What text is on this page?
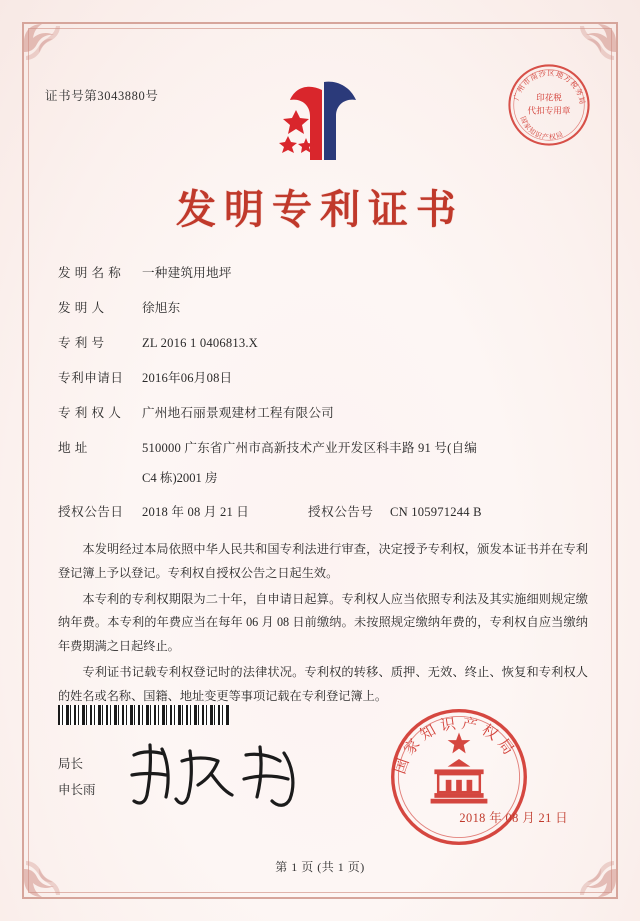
证书号第3043880号	广州市南沙区地方税务局
国家知识产权局
印花税
代扣专用章
发明专利证书
发 明 名 称	一种建筑用地坪
发 明 人	徐旭东
专 利 号	ZL 2016 1 0406813.X
专利申请日	2016年06月08日
专 利 权 人	广州地石丽景观建材工程有限公司
地 址	510000 广东省广州市高新技术产业开发区科丰路 91 号(自编
C4 栋)2001 房
授权公告日	2018 年 08 月 21 日	授权公告号	CN 105971244 B

本发明经过本局依照中华人民共和国专利法进行审查，决定授予专利权，颁发本证书并在专利登记簿上予以登记。专利权自授权公告之日起生效。

本专利的专利权期限为二十年，自申请日起算。专利权人应当依照专利法及其实施细则规定缴纳年费。本专利的年费应当在每年 06 月 08 日前缴纳。未按照规定缴纳年费的，专利权自应当缴纳年费期满之日起终止。

专利证书记载专利权登记时的法律状况。专利权的转移、质押、无效、终止、恢复和专利权人的姓名或名称、国籍、地址变更等事项记载在专利登记簿上。

局长
申长雨
国家知识产权局
2018 年 08 月 21 日
第 1 页 (共 1 页)
